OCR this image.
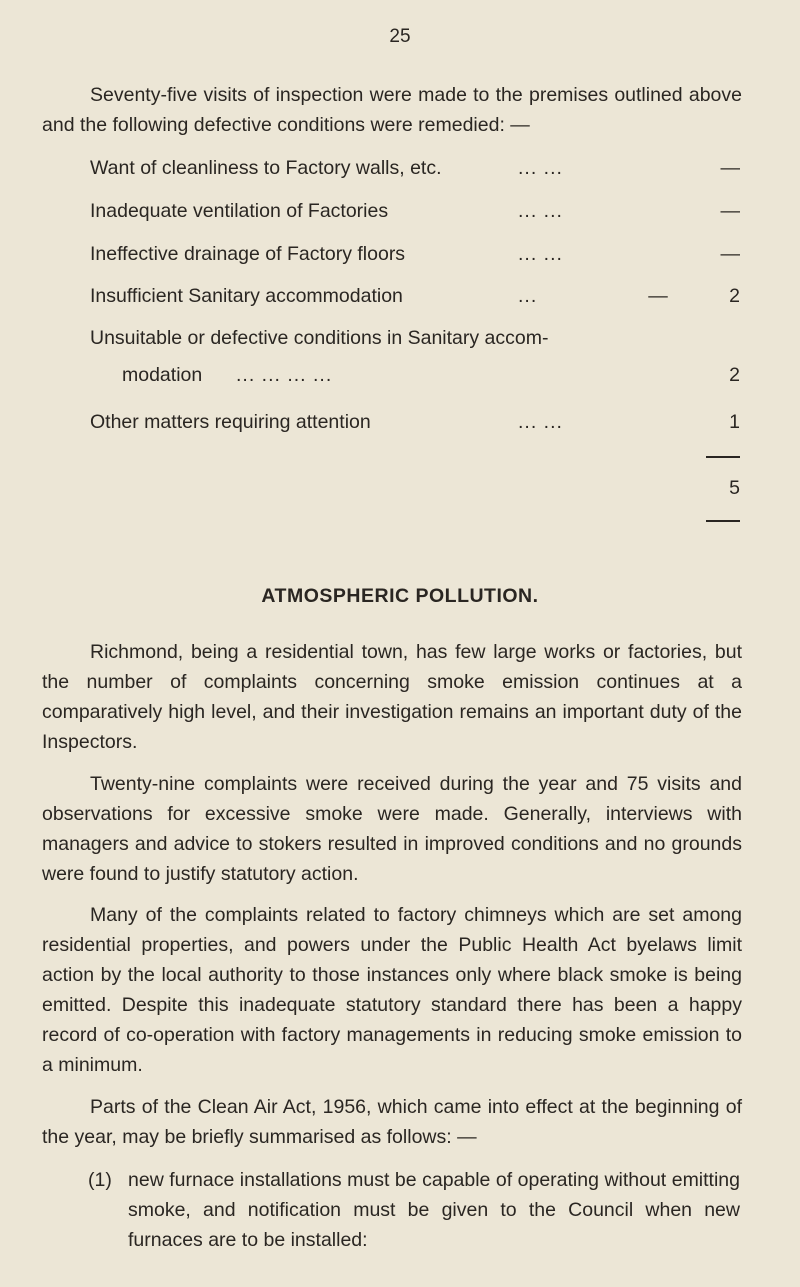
25
Seventy-five visits of inspection were made to the premises outlined above and the following defective conditions were remedied: —
Want of cleanliness to Factory walls, etc.	... ...	—
Inadequate ventilation of Factories	... ...	—
Ineffective drainage of Factory floors	... ...	—
Insufficient Sanitary accommodation	...	—	2
Unsuitable or defective conditions in Sanitary accom-
modation ... ... ... ...	2
Other matters requiring attention	... ...	1
5
ATMOSPHERIC POLLUTION.
Richmond, being a residential town, has few large works or factories, but the number of complaints concerning smoke emission continues at a comparatively high level, and their investigation remains an important duty of the Inspectors.
Twenty-nine complaints were received during the year and 75 visits and observations for excessive smoke were made. Generally, interviews with managers and advice to stokers resulted in improved conditions and no grounds were found to justify statutory action.
Many of the complaints related to factory chimneys which are set among residential properties, and powers under the Public Health Act byelaws limit action by the local authority to those instances only where black smoke is being emitted. Despite this inadequate statutory standard there has been a happy record of co-operation with factory managements in reducing smoke emission to a minimum.
Parts of the Clean Air Act, 1956, which came into effect at the beginning of the year, may be briefly summarised as follows: —
(1) new furnace installations must be capable of operating without emitting smoke, and notification must be given to the Council when new furnaces are to be installed:
